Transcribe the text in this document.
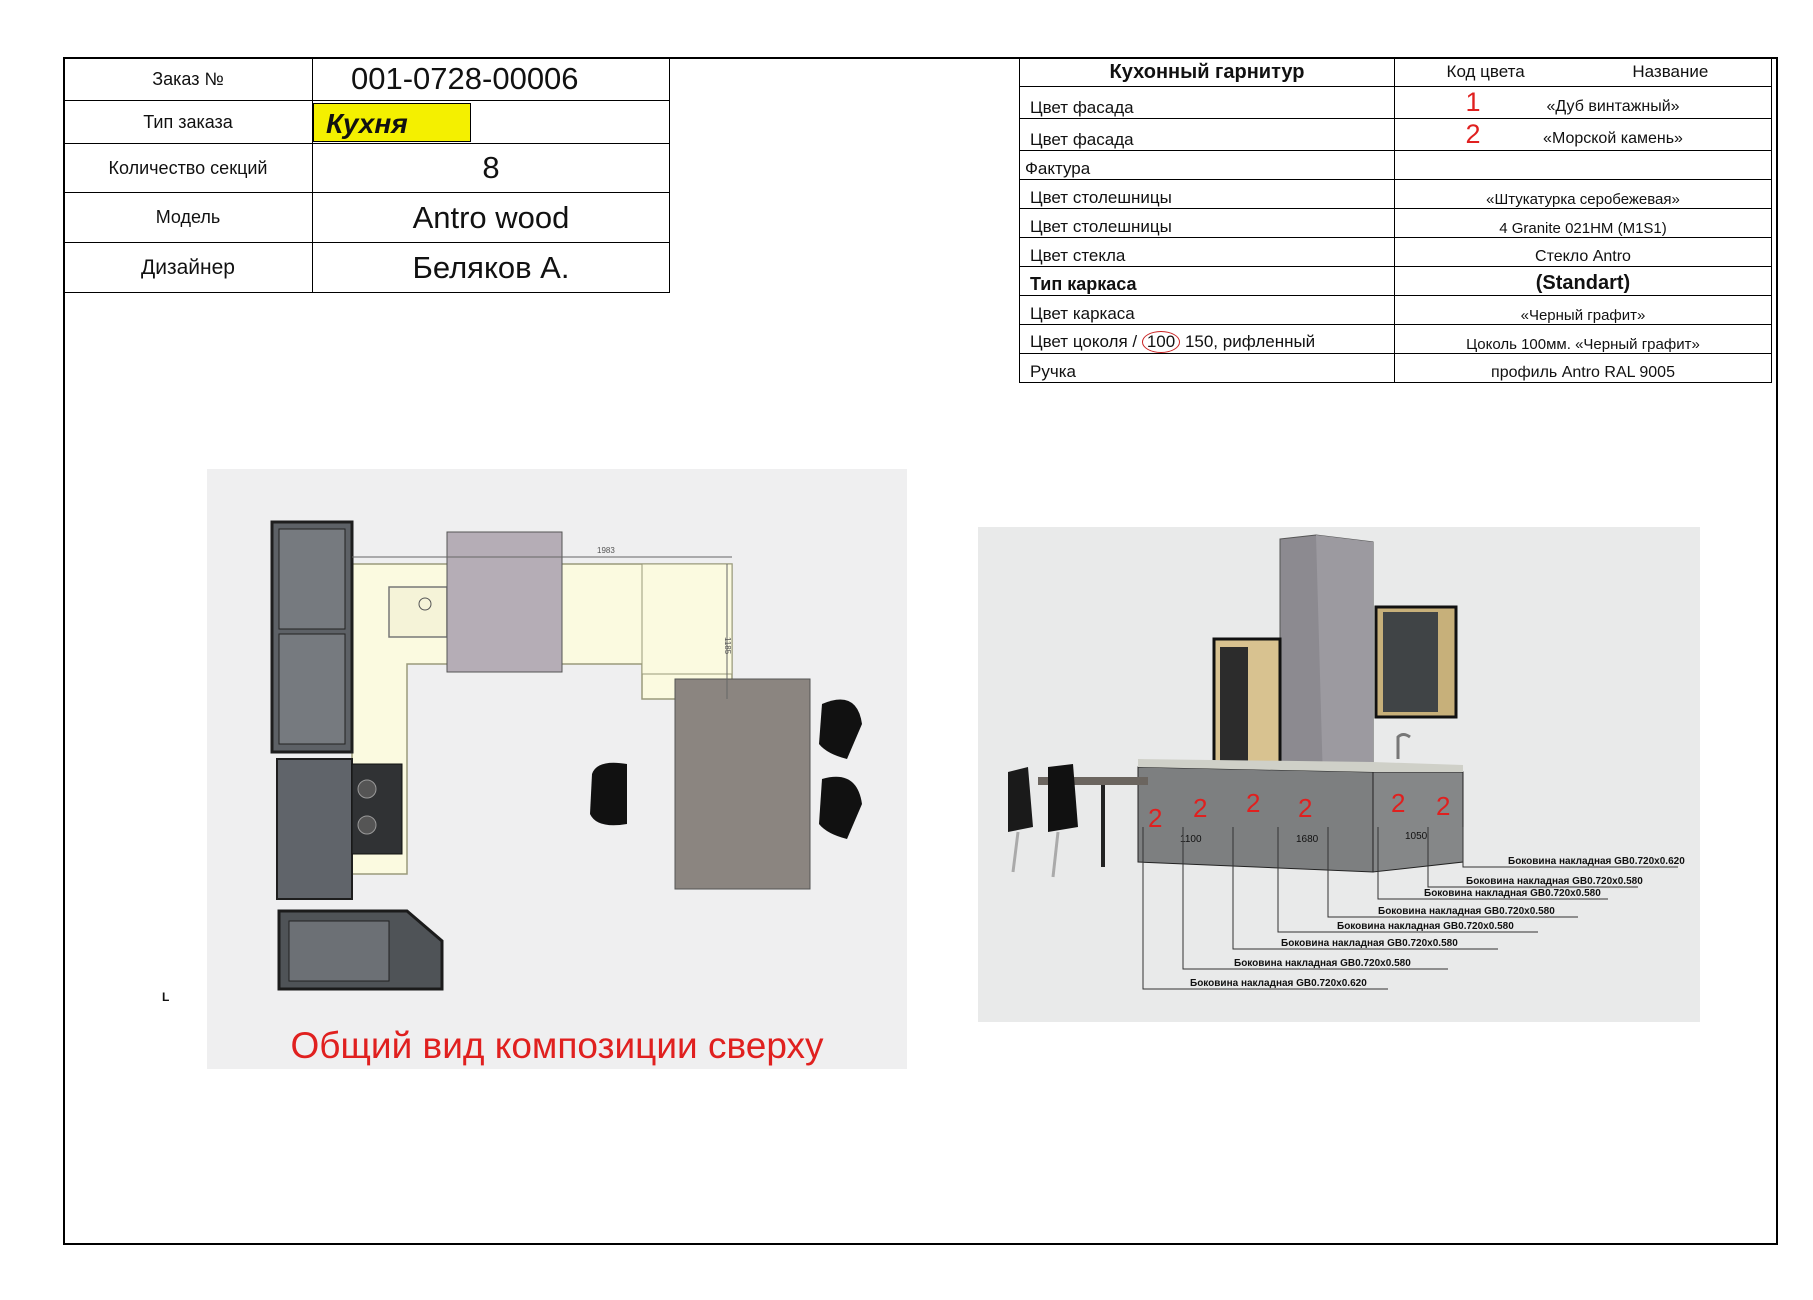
Заказ №	001-0728-00006
Тип заказа	Кухня
Количество секций	8
Модель	Antro wood
Дизайнер	Беляков А.
Кухонный гарнитур	Код цвета Название
Цвет фасада	1 «Дуб винтажный»
Цвет фасада	2 «Морской камень»
Фактура	
Цвет столешницы	«Штукатурка серобежевая»
Цвет столешницы	4 Granite 021HM (M1S1)
Цвет стекла	Стекло Antro
Тип каркаса	(Standart)
Цвет каркаса	«Черный графит»
Цвет цоколя / 100 150, рифленный	Цоколь 100мм. «Черный графит»
Ручка	профиль Antro RAL 9005
1983
1185
Общий вид композиции сверху
L
2 2 2 2	2 2
1100	1680	1050
Боковина накладная GB0.720x0.620
Боковина накладная GB0.720x0.580
Боковина накладная GB0.720x0.580
Боковина накладная GB0.720x0.580
Боковина накладная GB0.720x0.580
Боковина накладная GB0.720x0.580
Боковина накладная GB0.720x0.580
Боковина накладная GB0.720x0.620
